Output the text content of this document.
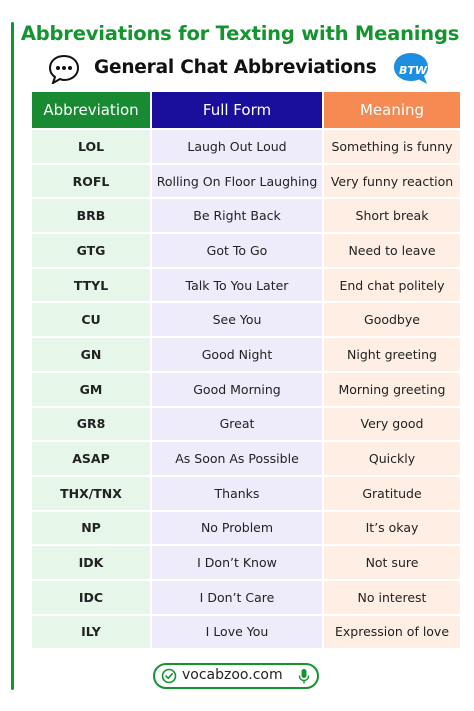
Abbreviations for Texting with Meanings
General Chat Abbreviations BTW
Abbreviation	Full Form	Meaning
LOL	Laugh Out Loud	Something is funny
ROFL	Rolling On Floor Laughing	Very funny reaction
BRB	Be Right Back	Short break
GTG	Got To Go	Need to leave
TTYL	Talk To You Later	End chat politely
CU	See You	Goodbye
GN	Good Night	Night greeting
GM	Good Morning	Morning greeting
GR8	Great	Very good
ASAP	As Soon As Possible	Quickly
THX/TNX	Thanks	Gratitude
NP	No Problem	It’s okay
IDK	I Don’t Know	Not sure
IDC	I Don’t Care	No interest
ILY	I Love You	Expression of love
vocabzoo.com
